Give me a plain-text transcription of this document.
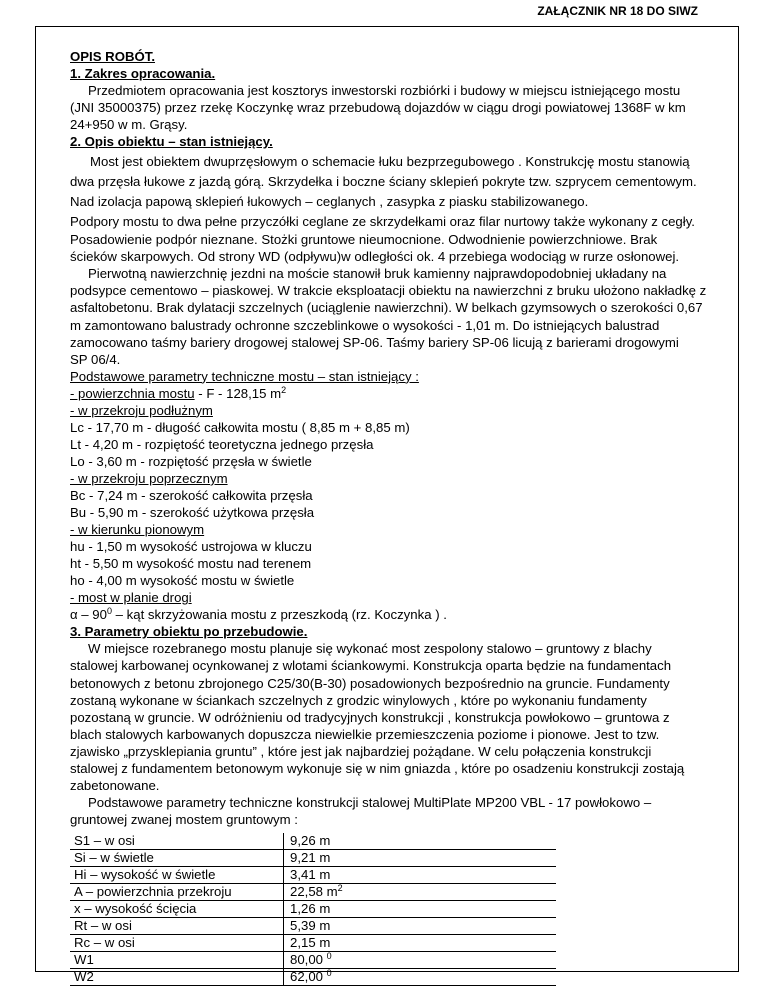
ZAŁĄCZNIK NR 18 DO SIWZ

OPIS ROBÓT.

1. Zakres opracowania.

Przedmiotem opracowania jest kosztorys inwestorski rozbiórki i budowy w miejscu istniejącego mostu

(JNI 35000375) przez rzekę Koczynkę wraz przebudową dojazdów w ciągu drogi powiatowej 1368F w km

24+950 w m. Grąsy.

2. Opis obiektu – stan istniejący.

Most jest obiektem dwuprzęsłowym o schemacie łuku bezprzegubowego . Konstrukcję mostu stanowią

dwa przęsła łukowe z jazdą górą. Skrzydełka i boczne ściany sklepień pokryte tzw. szprycem cementowym.

Nad izolacja papową sklepień łukowych – ceglanych , zasypka z piasku stabilizowanego.

Podpory mostu to dwa pełne przyczółki ceglane ze skrzydełkami oraz filar nurtowy także wykonany z cegły.

Posadowienie podpór nieznane. Stożki gruntowe nieumocnione. Odwodnienie powierzchniowe. Brak

ścieków skarpowych. Od strony WD (odpływu)w odległości ok. 4 przebiega wodociąg w rurze osłonowej.

Pierwotną nawierzchnię jezdni na moście stanowił bruk kamienny najprawdopodobniej układany na

podsypce cementowo – piaskowej. W trakcie eksploatacji obiektu na nawierzchni z bruku ułożono nakładkę z

asfaltobetonu. Brak dylatacji szczelnych (uciąglenie nawierzchni). W belkach gzymsowych o szerokości 0,67

m zamontowano balustrady ochronne szczeblinkowe o wysokości - 1,01 m. Do istniejących balustrad

zamocowano taśmy bariery drogowej stalowej SP-06. Taśmy bariery SP-06 licują z barierami drogowymi

SP 06/4.

Podstawowe parametry techniczne mostu – stan istniejący :

- powierzchnia mostu - F - 128,15 $m^2$

- w przekroju podłużnym

Lc - 17,70 m - długość całkowita mostu ( 8,85 m + 8,85 m)

Lt - 4,20 m - rozpiętość teoretyczna jednego przęsła

Lo - 3,60 m - rozpiętość przęsła w świetle

- w przekroju poprzecznym

Bc - 7,24 m - szerokość całkowita przęsła

Bu - 5,90 m - szerokość użytkowa przęsła

- w kierunku pionowym

hu - 1,50 m wysokość ustrojowa w kluczu

ht - 5,50 m wysokość mostu nad terenem

ho - 4,00 m wysokość mostu w świetle

- most w planie drogi

α – $90^0$ – kąt skrzyżowania mostu z przeszkodą (rz. Koczynka ) .

3. Parametry obiektu po przebudowie.

W miejsce rozebranego mostu planuje się wykonać most zespolony stalowo – gruntowy z blachy

stalowej karbowanej ocynkowanej z wlotami ściankowymi. Konstrukcja oparta będzie na fundamentach

betonowych z betonu zbrojonego C25/30(B-30) posadowionych bezpośrednio na gruncie. Fundamenty

zostaną wykonane w ściankach szczelnych z grodzic winylowych , które po wykonaniu fundamenty

pozostaną w gruncie. W odróżnieniu od tradycyjnych konstrukcji , konstrukcja powłokowo – gruntowa z

blach stalowych karbowanych dopuszcza niewielkie przemieszczenia poziome i pionowe. Jest to tzw.

zjawisko „przysklepiania gruntu” , które jest jak najbardziej pożądane. W celu połączenia konstrukcji

stalowej z fundamentem betonowym wykonuje się w nim gniazda , które po osadzeniu konstrukcji zostają

zabetonowane.

Podstawowe parametry techniczne konstrukcji stalowej MultiPlate MP200 VBL - 17 powłokowo –

gruntowej zwanej mostem gruntowym :

S1 – w osi	9,26 m
Si – w świetle	9,21 m
Hi – wysokość w świetle	3,41 m
A – powierzchnia przekroju	22,58 $m^2$
x – wysokość ścięcia	1,26 m
Rt – w osi	5,39 m
Rc – w osi	2,15 m
W1	80,00 $^0$
W2	62,00 $^0$
